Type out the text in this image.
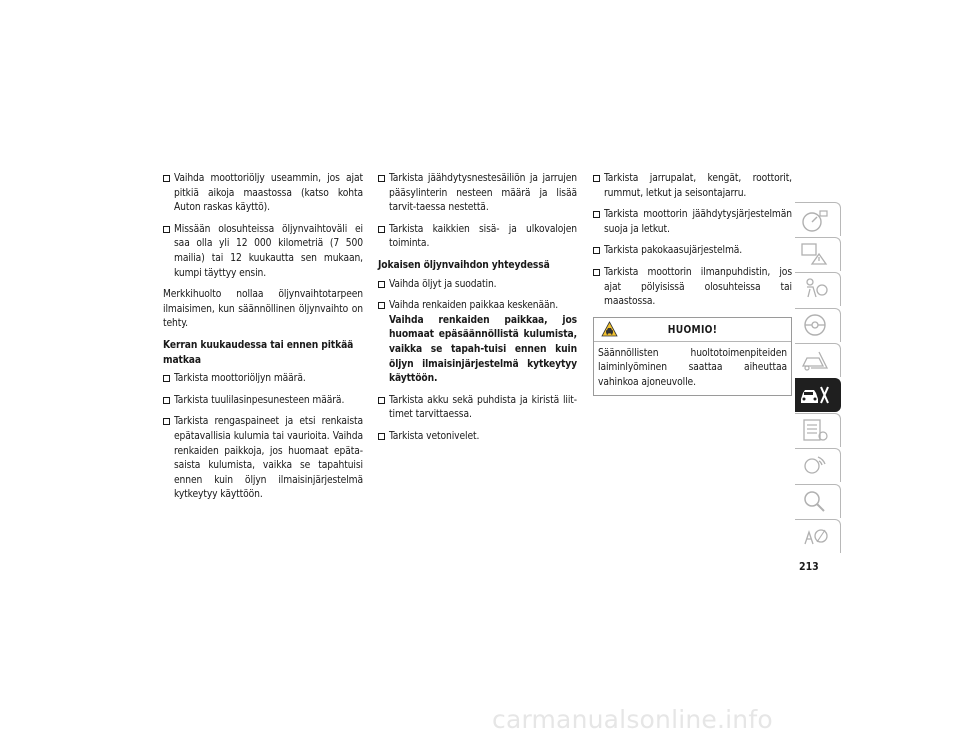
Vaihda moottoriöljy useammin, jos ajat pitkiä aikoja maastossa (katso kohta Auton raskas käyttö).
Missään olosuhteissa öljynvaihtoväli ei saa olla yli 12 000 kilometriä (7 500 mailia) tai 12 kuukautta sen mukaan, kumpi täyttyy ensin.
Merkkihuolto nollaa öljynvaihtotarpeen ilmaisimen, kun säännöllinen öljynvaihto on tehty.
Kerran kuukaudessa tai ennen pitkää matkaa
Tarkista moottoriöljyn määrä.
Tarkista tuulilasinpesunesteen määrä.
Tarkista rengaspaineet ja etsi renkaista epätavallisia kulumia tai vaurioita. Vaihda renkaiden paikkoja, jos huomaat epäta-saista kulumista, vaikka se tapahtuisi ennen kuin öljyn ilmaisinjärjestelmä kytkeytyy käyttöön.
Tarkista jäähdytysnestesäiliön ja jarrujen pääsylinterin nesteen määrä ja lisää tarvit-taessa nestettä.
Tarkista kaikkien sisä- ja ulkovalojen toiminta.
Jokaisen öljynvaihdon yhteydessä
Vaihda öljyt ja suodatin.
Vaihda renkaiden paikkaa keskenään.
Vaihda renkaiden paikkaa, jos huomaat epäsäännöllistä kulumista, vaikka se tapah-tuisi ennen kuin öljyn ilmaisinjärjestelmä kytkeytyy käyttöön.
Tarkista akku sekä puhdista ja kiristä liit-timet tarvittaessa.
Tarkista vetonivelet.
Tarkista jarrupalat, kengät, roottorit, rummut, letkut ja seisontajarru.
Tarkista moottorin jäähdytysjärjestelmän suoja ja letkut.
Tarkista pakokaasujärjestelmä.
Tarkista moottorin ilmanpuhdistin, jos ajat pölyisissä olosuhteissa tai maastossa.
HUOMIO!
Säännöllisten huoltotoimenpiteiden laiminlyöminen saattaa aiheuttaa vahinkoa ajoneuvolle.
213
carmanualsonline.info
